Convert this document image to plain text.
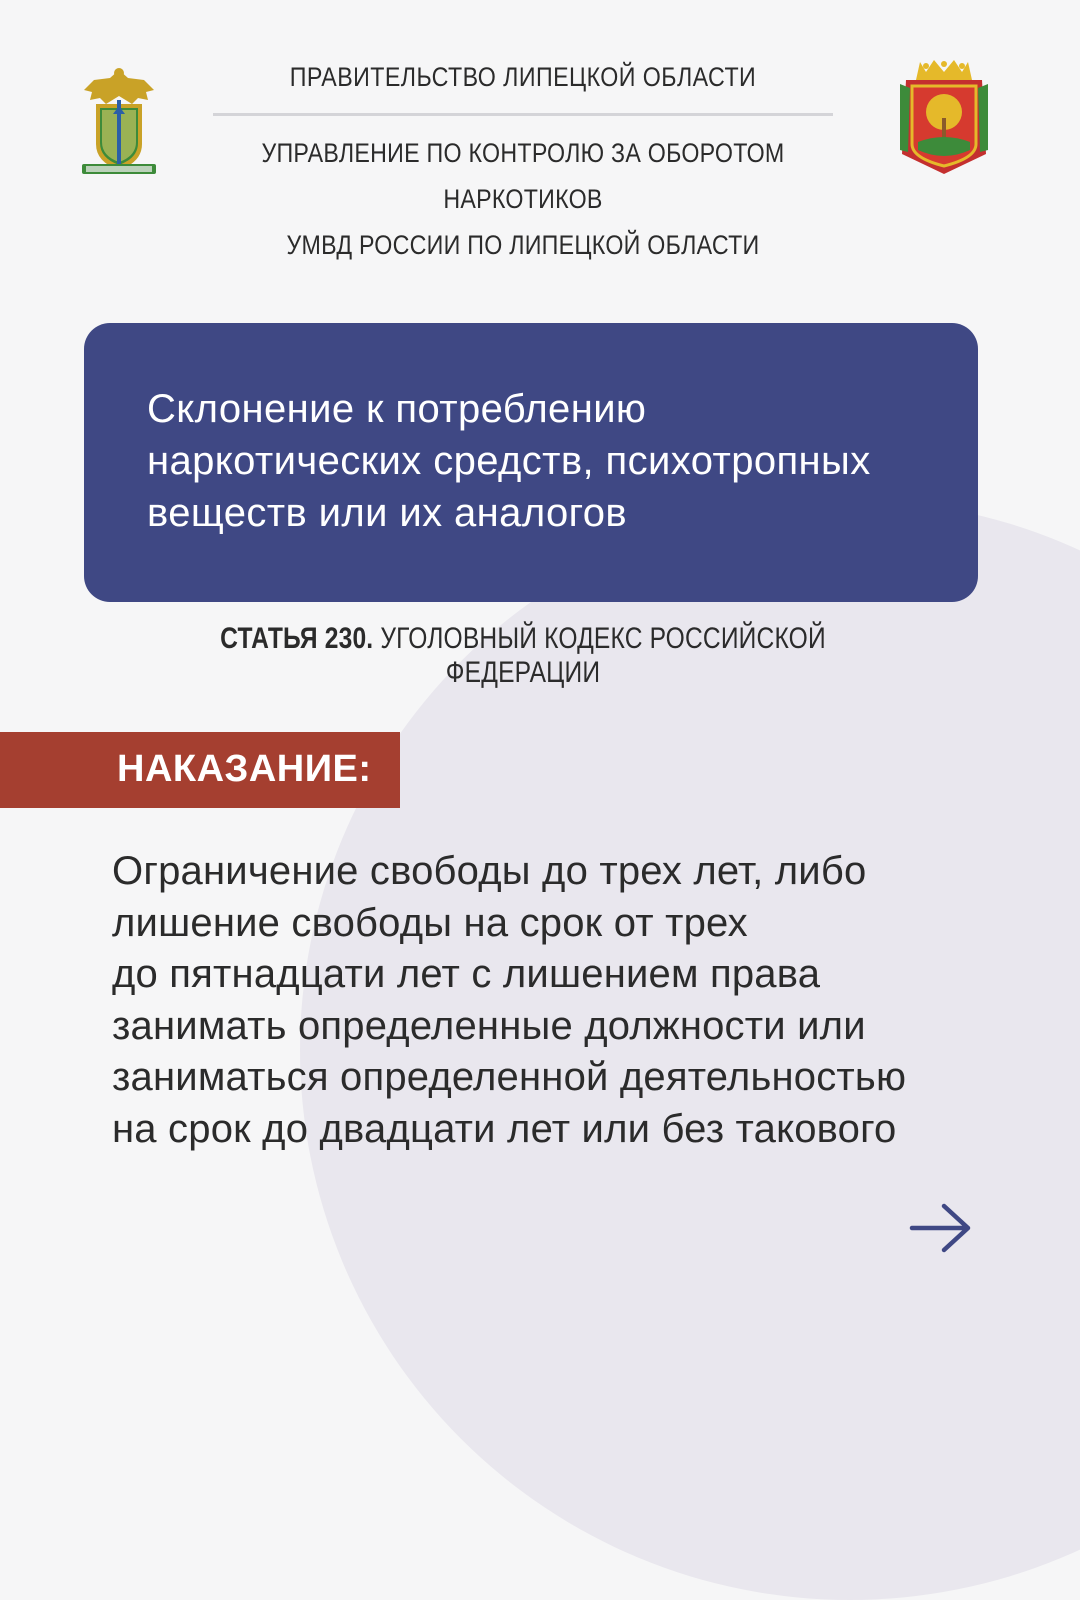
ПРАВИТЕЛЬСТВО ЛИПЕЦКОЙ ОБЛАСТИ
УПРАВЛЕНИЕ ПО КОНТРОЛЮ ЗА ОБОРОТОМ НАРКОТИКОВ
УМВД РОССИИ ПО ЛИПЕЦКОЙ ОБЛАСТИ
Склонение к потреблению
наркотических средств, психотропных
веществ или их аналогов
СТАТЬЯ 230. УГОЛОВНЫЙ КОДЕКС РОССИЙСКОЙ ФЕДЕРАЦИИ
НАКАЗАНИЕ:

Ограничение свободы до трех лет, либо
лишение свободы на срок от трех
до пятнадцати лет с лишением права
занимать определенные должности или
заниматься определенной деятельностью
на срок до двадцати лет или без такового
